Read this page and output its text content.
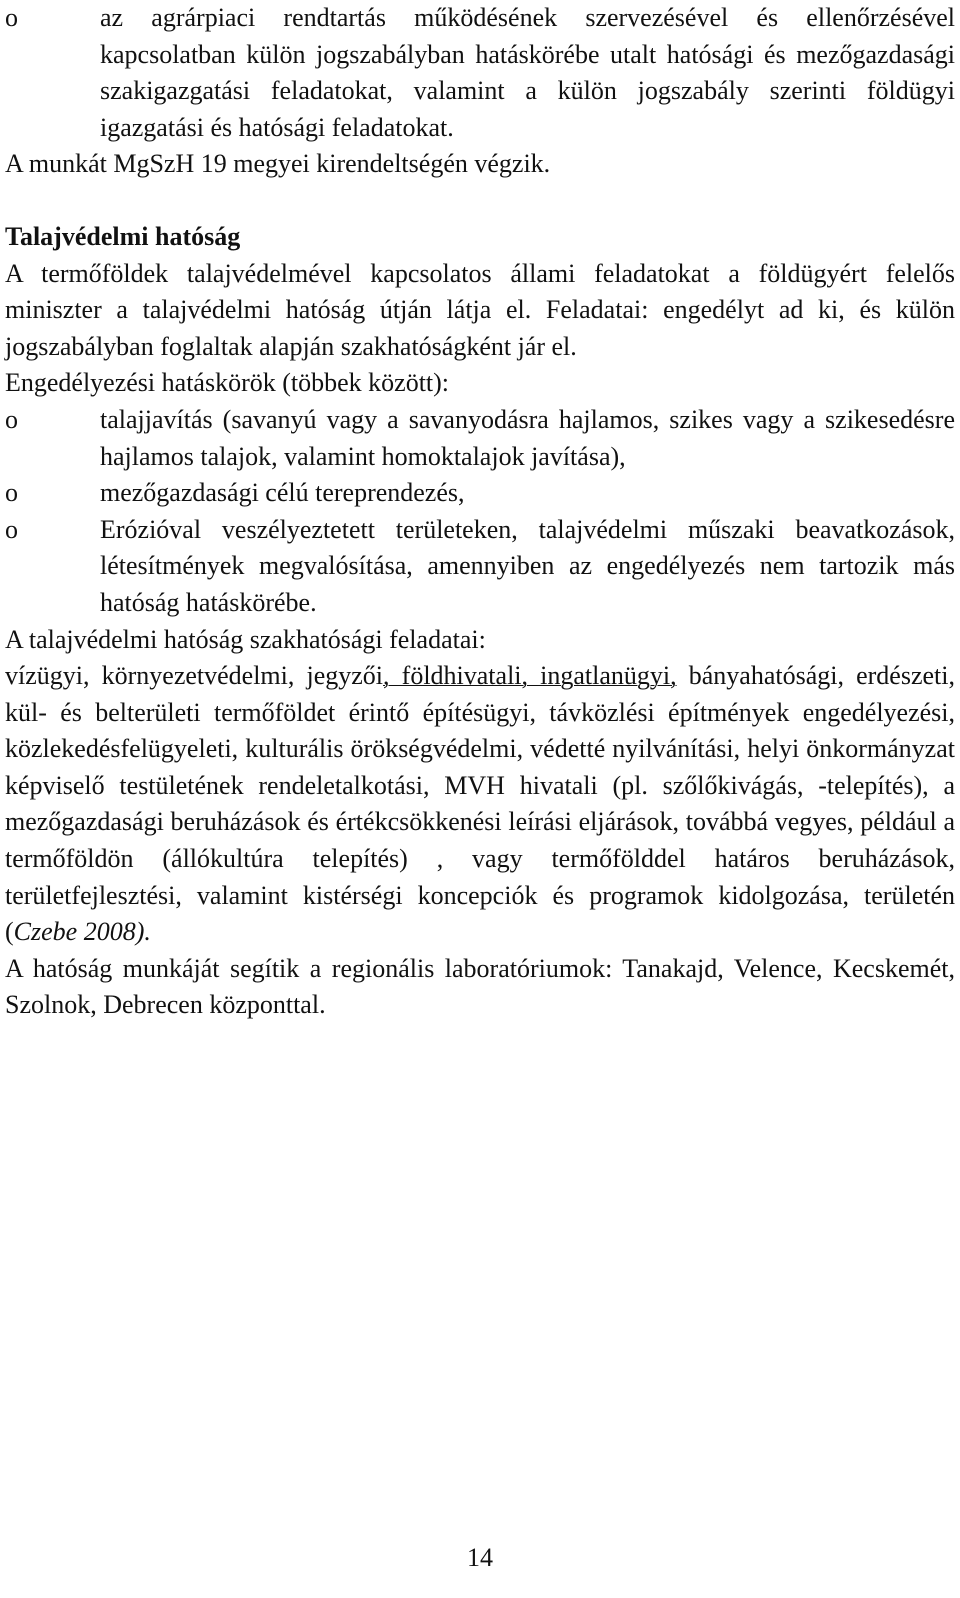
o	az agrárpiaci rendtartás működésének szervezésével és ellenőrzésével kapcsolatban külön jogszabályban hatáskörébe utalt hatósági és mezőgazdasági szakigazgatási feladatokat, valamint a külön jogszabály szerinti földügyi igazgatási és hatósági feladatokat.

A munkát MgSzH 19 megyei kirendeltségén végzik.

Talajvédelmi hatóság

A termőföldek talajvédelmével kapcsolatos állami feladatokat a földügyért felelős miniszter a talajvédelmi hatóság útján látja el. Feladatai: engedélyt ad ki, és külön jogszabályban foglaltak alapján szakhatóságként jár el.

Engedélyezési hatáskörök (többek között):

o	talajjavítás (savanyú vagy a savanyodásra hajlamos, szikes vagy a szikesedésre hajlamos talajok, valamint homoktalajok javítása),
o	mezőgazdasági célú tereprendezés,
o	Erózióval veszélyeztetett területeken, talajvédelmi műszaki beavatkozások, létesítmények megvalósítása, amennyiben az engedélyezés nem tartozik más hatóság hatáskörébe.

A talajvédelmi hatóság szakhatósági feladatai:

vízügyi, környezetvédelmi, jegyzői, földhivatali, ingatlanügyi, bányahatósági, erdészeti, kül- és belterületi termőföldet érintő építésügyi, távközlési építmények engedélyezési, közlekedésfelügyeleti, kulturális örökségvédelmi, védetté nyilvánítási, helyi önkormányzat képviselő testületének rendeletalkotási, MVH hivatali (pl. szőlőkivágás, -telepítés), a mezőgazdasági beruházások és értékcsökkenési leírási eljárások, továbbá vegyes, például a termőföldön (állókultúra telepítés) , vagy termőfölddel határos beruházások, területfejlesztési, valamint kistérségi koncepciók és programok kidolgozása, területén (Czebe 2008).

A hatóság munkáját segítik a regionális laboratóriumok: Tanakajd, Velence, Kecskemét, Szolnok, Debrecen központtal.

14
